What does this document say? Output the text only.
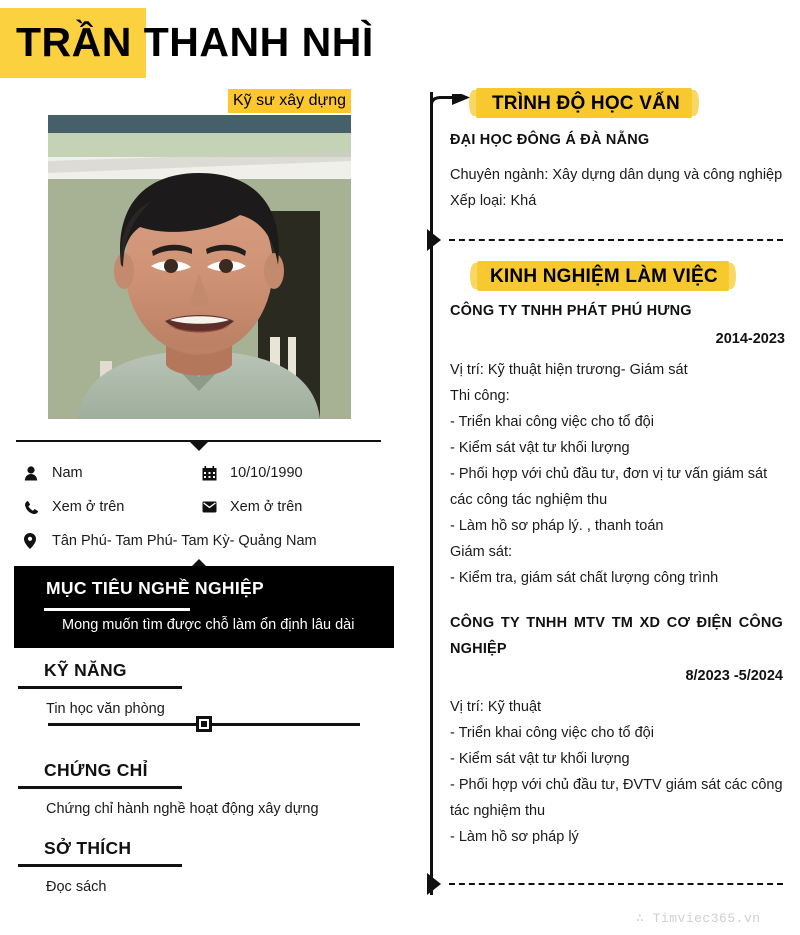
TRẦN THANH NHÌ
Kỹ sư xây dựng
Nam	10/10/1990
Xem ở trên	Xem ở trên
Tân Phú- Tam Phú- Tam Kỳ- Quảng Nam
MỤC TIÊU NGHỀ NGHIỆP
Mong muốn tìm được chỗ làm ổn định lâu dài
KỸ NĂNG
Tin học văn phòng
CHỨNG CHỈ
Chứng chỉ hành nghề hoạt động xây dựng
SỞ THÍCH
Đọc sách
TRÌNH ĐỘ HỌC VẤN
ĐẠI HỌC ĐÔNG Á ĐÀ NẴNG
Chuyên ngành: Xây dựng dân dụng và công nghiệp
Xếp loại: Khá
KINH NGHIỆM LÀM VIỆC
CÔNG TY TNHH PHÁT PHÚ HƯNG
2014-2023
Vị trí: Kỹ thuật hiện trương- Giám sát
Thi công:
- Triển khai công việc cho tổ đội
- Kiểm sát vật tư khối lượng
- Phối hợp với chủ đầu tư, đơn vị tư vấn giám sát các công tác nghiệm thu
- Làm hồ sơ pháp lý. , thanh toán
Giám sát:
- Kiểm tra, giám sát chất lượng công trình
CÔNG TY TNHH MTV TM XD CƠ ĐIỆN CÔNG NGHIỆP
8/2023 -5/2024
Vị trí: Kỹ thuật
- Triển khai công việc cho tổ đội
- Kiểm sát vật tư khối lượng
- Phối hợp với chủ đầu tư, ĐVTV giám sát các công tác nghiệm thu
- Làm hồ sơ pháp lý
∴ Timviec365.vn
